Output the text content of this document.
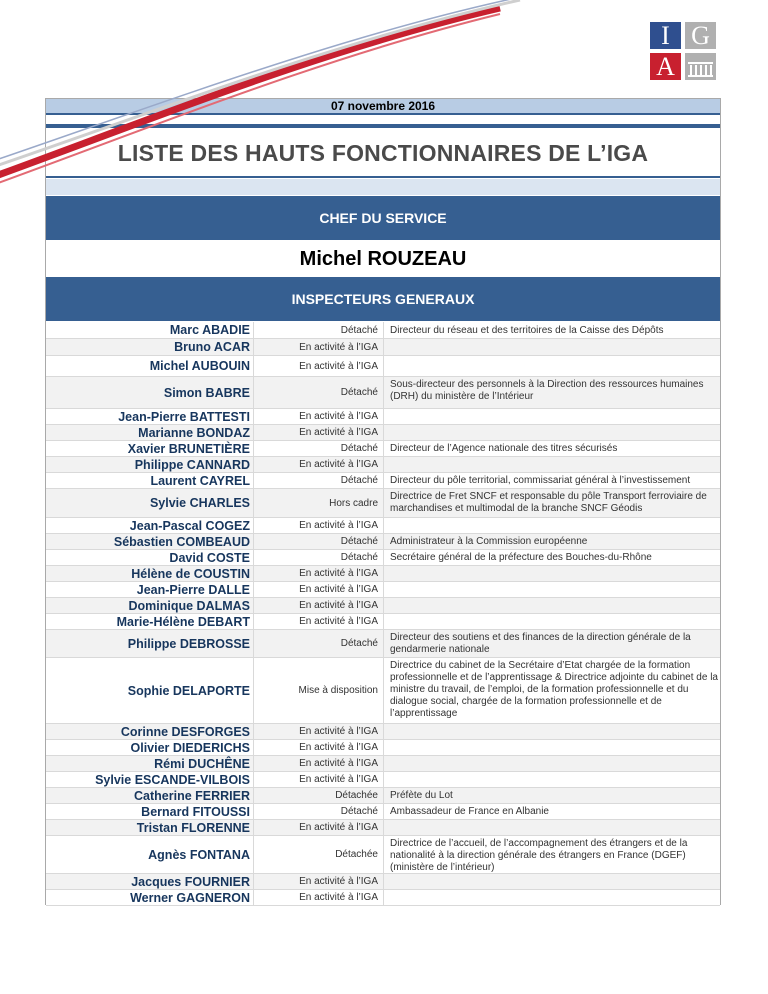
I G
A
07 novembre 2016
LISTE DES HAUTS FONCTIONNAIRES DE L’IGA
CHEF DU SERVICE
Michel ROUZEAU
INSPECTEURS GENERAUX
Marc ABADIE	Détaché Directeur du réseau et des territoires de la Caisse des Dépôts
Bruno ACAR	En activité à l’IGA
Michel AUBOUIN	En activité à l’IGA
Simon BABRE	Détaché
Sous-directeur des personnels à la Direction des ressources humaines (DRH) du ministère de l’Intérieur
Jean-Pierre BATTESTI	En activité à l’IGA
Marianne BONDAZ	En activité à l’IGA
Xavier BRUNETIÈRE	Détaché Directeur de l’Agence nationale des titres sécurisés
Philippe CANNARD	En activité à l’IGA
Laurent CAYREL	Détaché Directeur du pôle territorial, commissariat général à l’investissement
Sylvie CHARLES	Hors cadre
Directrice de Fret SNCF et responsable du pôle Transport ferroviaire de marchandises et multimodal de la branche SNCF Géodis
Jean-Pascal COGEZ	En activité à l’IGA
Sébastien COMBEAUD	Détaché Administrateur à la Commission européenne
David COSTE	Détaché Secrétaire général de la préfecture des Bouches-du-Rhône
Hélène de COUSTIN	En activité à l’IGA
Jean-Pierre DALLE	En activité à l’IGA
Dominique DALMAS	En activité à l’IGA
Marie-Hélène DEBART	En activité à l’IGA
Philippe DEBROSSE	Détaché
Directeur des soutiens et des finances de la direction générale de la gendarmerie nationale
Sophie DELAPORTE	Mise à disposition
Directrice du cabinet de la Secrétaire d’Etat chargée de la formation professionnelle et de l’apprentissage & Directrice adjointe du cabinet de la ministre du travail, de l’emploi, de la formation professionnelle et du dialogue social, chargée de la formation professionnelle et de l’apprentissage
Corinne DESFORGES	En activité à l’IGA
Olivier DIEDERICHS	En activité à l’IGA
Rémi DUCHÊNE	En activité à l’IGA
Sylvie ESCANDE-VILBOIS	En activité à l’IGA
Catherine FERRIER	Détachée Préfète du Lot
Bernard FITOUSSI	Détaché Ambassadeur de France en Albanie
Tristan FLORENNE	En activité à l’IGA
Agnès FONTANA	Détachée
Directrice de l’accueil, de l’accompagnement des étrangers et de la nationalité à la direction générale des étrangers en France (DGEF) (ministère de l’intérieur)
Jacques FOURNIER	En activité à l’IGA
Werner GAGNERON	En activité à l’IGA
